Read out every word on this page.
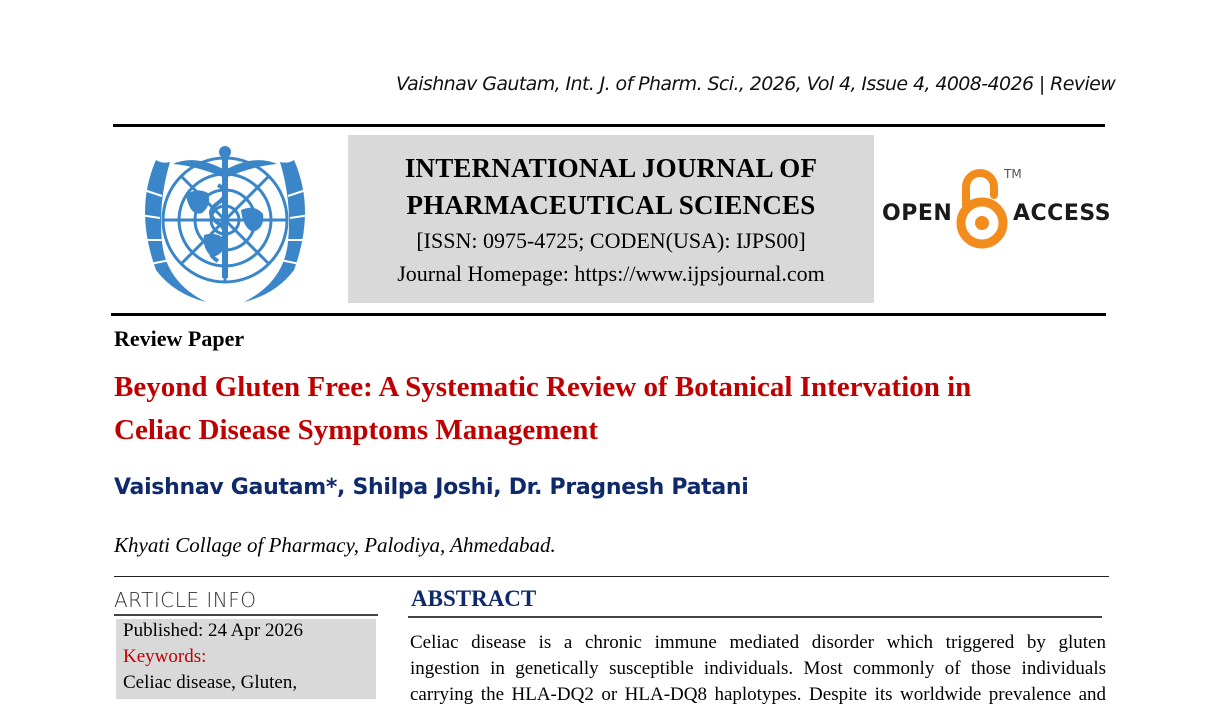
Vaishnav Gautam, Int. J. of Pharm. Sci., 2026, Vol 4, Issue 4, 4008-4026 | Review
INTERNATIONAL JOURNAL OF
PHARMACEUTICAL SCIENCES
[ISSN: 0975-4725; CODEN(USA): IJPS00]
Journal Homepage: https://www.ijpsjournal.com
OPEN
TM
ACCESS
Review Paper
Beyond Gluten Free: A Systematic Review of Botanical Intervation in
Celiac Disease Symptoms Management
Vaishnav Gautam*, Shilpa Joshi, Dr. Pragnesh Patani
Khyati Collage of Pharmacy, Palodiya, Ahmedabad.
ARTICLE INFO
Published: 24 Apr 2026
Keywords:
Celiac disease, Gluten,
ABSTRACT
Celiac disease is a chronic immune mediated disorder which triggered by gluten
ingestion in genetically susceptible individuals. Most commonly of those individuals
carrying the HLA-DQ2 or HLA-DQ8 haplotypes. Despite its worldwide prevalence and
